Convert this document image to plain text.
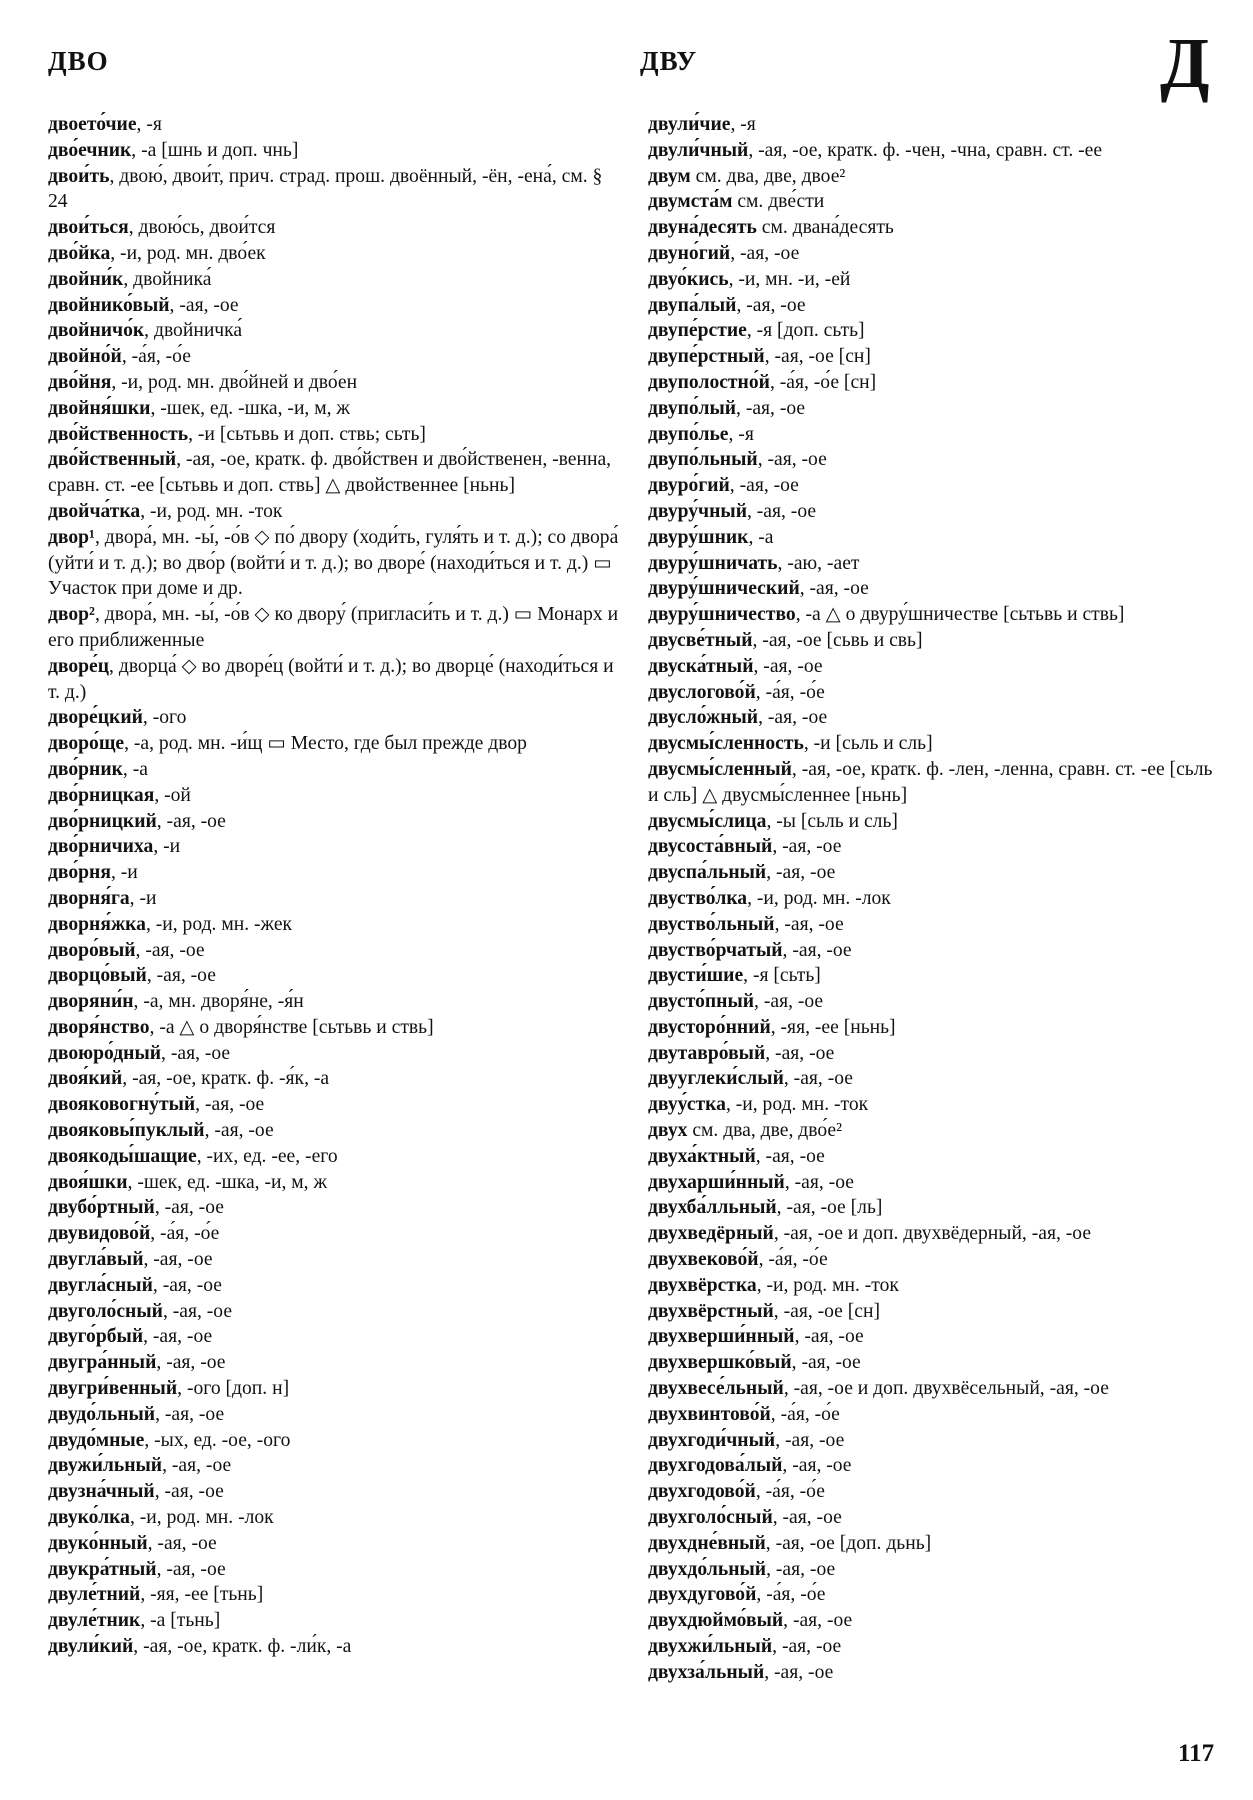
ДВО	ДВУ	Д
двоето́чие, -я
дво́ечник, -а [шнь и доп. чнь]
двои́ть, двою́, двои́т, прич. страд. прош. двоённый, -ён, -ена́, см. § 24
двои́ться, двою́сь, двои́тся
дво́йка, -и, род. мн. дво́ек
двойни́к, двойника́
двойнико́вый, -ая, -ое
двойничо́к, двойничка́
двойно́й, -а́я, -о́е
дво́йня, -и, род. мн. дво́йней и дво́ен
двойня́шки, -шек, ед. -шка, -и, м, ж
дво́йственность, -и [сьтьвь и доп. ствь; сьть]
дво́йственный, -ая, -ое, кратк. ф. дво́йствен и дво́йственен, -венна, сравн. ст. -ее [сьтьвь и доп. ствь] △ двойственнее [ньнь]
двойча́тка, -и, род. мн. -ток
двор¹, двора́, мн. -ы́, -о́в ◇ по́ двору (ходи́ть, гуля́ть и т. д.); со двора́ (уйти́ и т. д.); во дво́р (войти́ и т. д.); во дворе́ (находи́ться и т. д.) ▭ Участок при доме и др.
двор², двора́, мн. -ы́, -о́в ◇ ко двору́ (пригласи́ть и т. д.) ▭ Монарх и его приближенные
дворе́ц, дворца́ ◇ во дворе́ц (войти́ и т. д.); во дворце́ (находи́ться и т. д.)
дворе́цкий, -ого
дворо́ще, -а, род. мн. -и́щ ▭ Место, где был прежде двор
дво́рник, -а
дво́рницкая, -ой
дво́рницкий, -ая, -ое
дво́рничиха, -и
дво́рня, -и
дворня́га, -и
дворня́жка, -и, род. мн. -жек
дворо́вый, -ая, -ое
дворцо́вый, -ая, -ое
дворяни́н, -а, мн. дворя́не, -я́н
дворя́нство, -а △ о дворя́нстве [сьтьвь и ствь]
двоюро́дный, -ая, -ое
двоя́кий, -ая, -ое, кратк. ф. -я́к, -а
двояковогну́тый, -ая, -ое
двояковы́пуклый, -ая, -ое
двоякоды́шащие, -их, ед. -ее, -его
двоя́шки, -шек, ед. -шка, -и, м, ж
двубо́ртный, -ая, -ое
двувидово́й, -а́я, -о́е
двугла́вый, -ая, -ое
двугла́сный, -ая, -ое
двуголо́сный, -ая, -ое
двуго́рбый, -ая, -ое
двугра́нный, -ая, -ое
двугри́венный, -ого [доп. н]
двудо́льный, -ая, -ое
двудо́мные, -ых, ед. -ое, -ого
двужи́льный, -ая, -ое
двузна́чный, -ая, -ое
двуко́лка, -и, род. мн. -лок
двуко́нный, -ая, -ое
двукра́тный, -ая, -ое
двуле́тний, -яя, -ее [тьнь]
двуле́тник, -а [тьнь]
двули́кий, -ая, -ое, кратк. ф. -ли́к, -а
двули́чие, -я
двули́чный, -ая, -ое, кратк. ф. -чен, -чна, сравн. ст. -ее
двум см. два, две, двое²
двумста́м см. две́сти
двуна́десять см. двана́десять
двуно́гий, -ая, -ое
двуо́кись, -и, мн. -и, -ей
двупа́лый, -ая, -ое
двупе́рстие, -я [доп. сьть]
двупе́рстный, -ая, -ое [сн]
двуполостно́й, -а́я, -о́е [сн]
двупо́лый, -ая, -ое
двупо́лье, -я
двупо́льный, -ая, -ое
двуро́гий, -ая, -ое
двуру́чный, -ая, -ое
двуру́шник, -а
двуру́шничать, -аю, -ает
двуру́шнический, -ая, -ое
двуру́шничество, -а △ о двуру́шничестве [сьтьвь и ствь]
двусве́тный, -ая, -ое [сьвь и свь]
двуска́тный, -ая, -ое
двуслогово́й, -а́я, -о́е
двусло́жный, -ая, -ое
двусмы́сленность, -и [сьль и сль]
двусмы́сленный, -ая, -ое, кратк. ф. -лен, -ленна, сравн. ст. -ее [сьль и сль] △ двусмы́сленнее [ньнь]
двусмы́слица, -ы [сьль и сль]
двусоста́вный, -ая, -ое
двуспа́льный, -ая, -ое
двуство́лка, -и, род. мн. -лок
двуство́льный, -ая, -ое
двуство́рчатый, -ая, -ое
двусти́шие, -я [сьть]
двусто́пный, -ая, -ое
двусторо́нний, -яя, -ее [ньнь]
двутавро́вый, -ая, -ое
двууглеки́слый, -ая, -ое
двуу́стка, -и, род. мн. -ток
двух см. два, две, дво́е²
двуха́ктный, -ая, -ое
двухарши́нный, -ая, -ое
двухба́лльный, -ая, -ое [ль]
двухведёрный, -ая, -ое и доп. двухвёдерный, -ая, -ое
двухвеково́й, -а́я, -о́е
двухвёрстка, -и, род. мн. -ток
двухвёрстный, -ая, -ое [сн]
двухверши́нный, -ая, -ое
двухвершко́вый, -ая, -ое
двухвесе́льный, -ая, -ое и доп. двухвёсельный, -ая, -ое
двухвинтово́й, -а́я, -о́е
двухгоди́чный, -ая, -ое
двухгодова́лый, -ая, -ое
двухгодово́й, -а́я, -о́е
двухголо́сный, -ая, -ое
двухдне́вный, -ая, -ое [доп. дьнь]
двухдо́льный, -ая, -ое
двухдугово́й, -а́я, -о́е
двухдюймо́вый, -ая, -ое
двухжи́льный, -ая, -ое
двухза́льный, -ая, -ое
117
